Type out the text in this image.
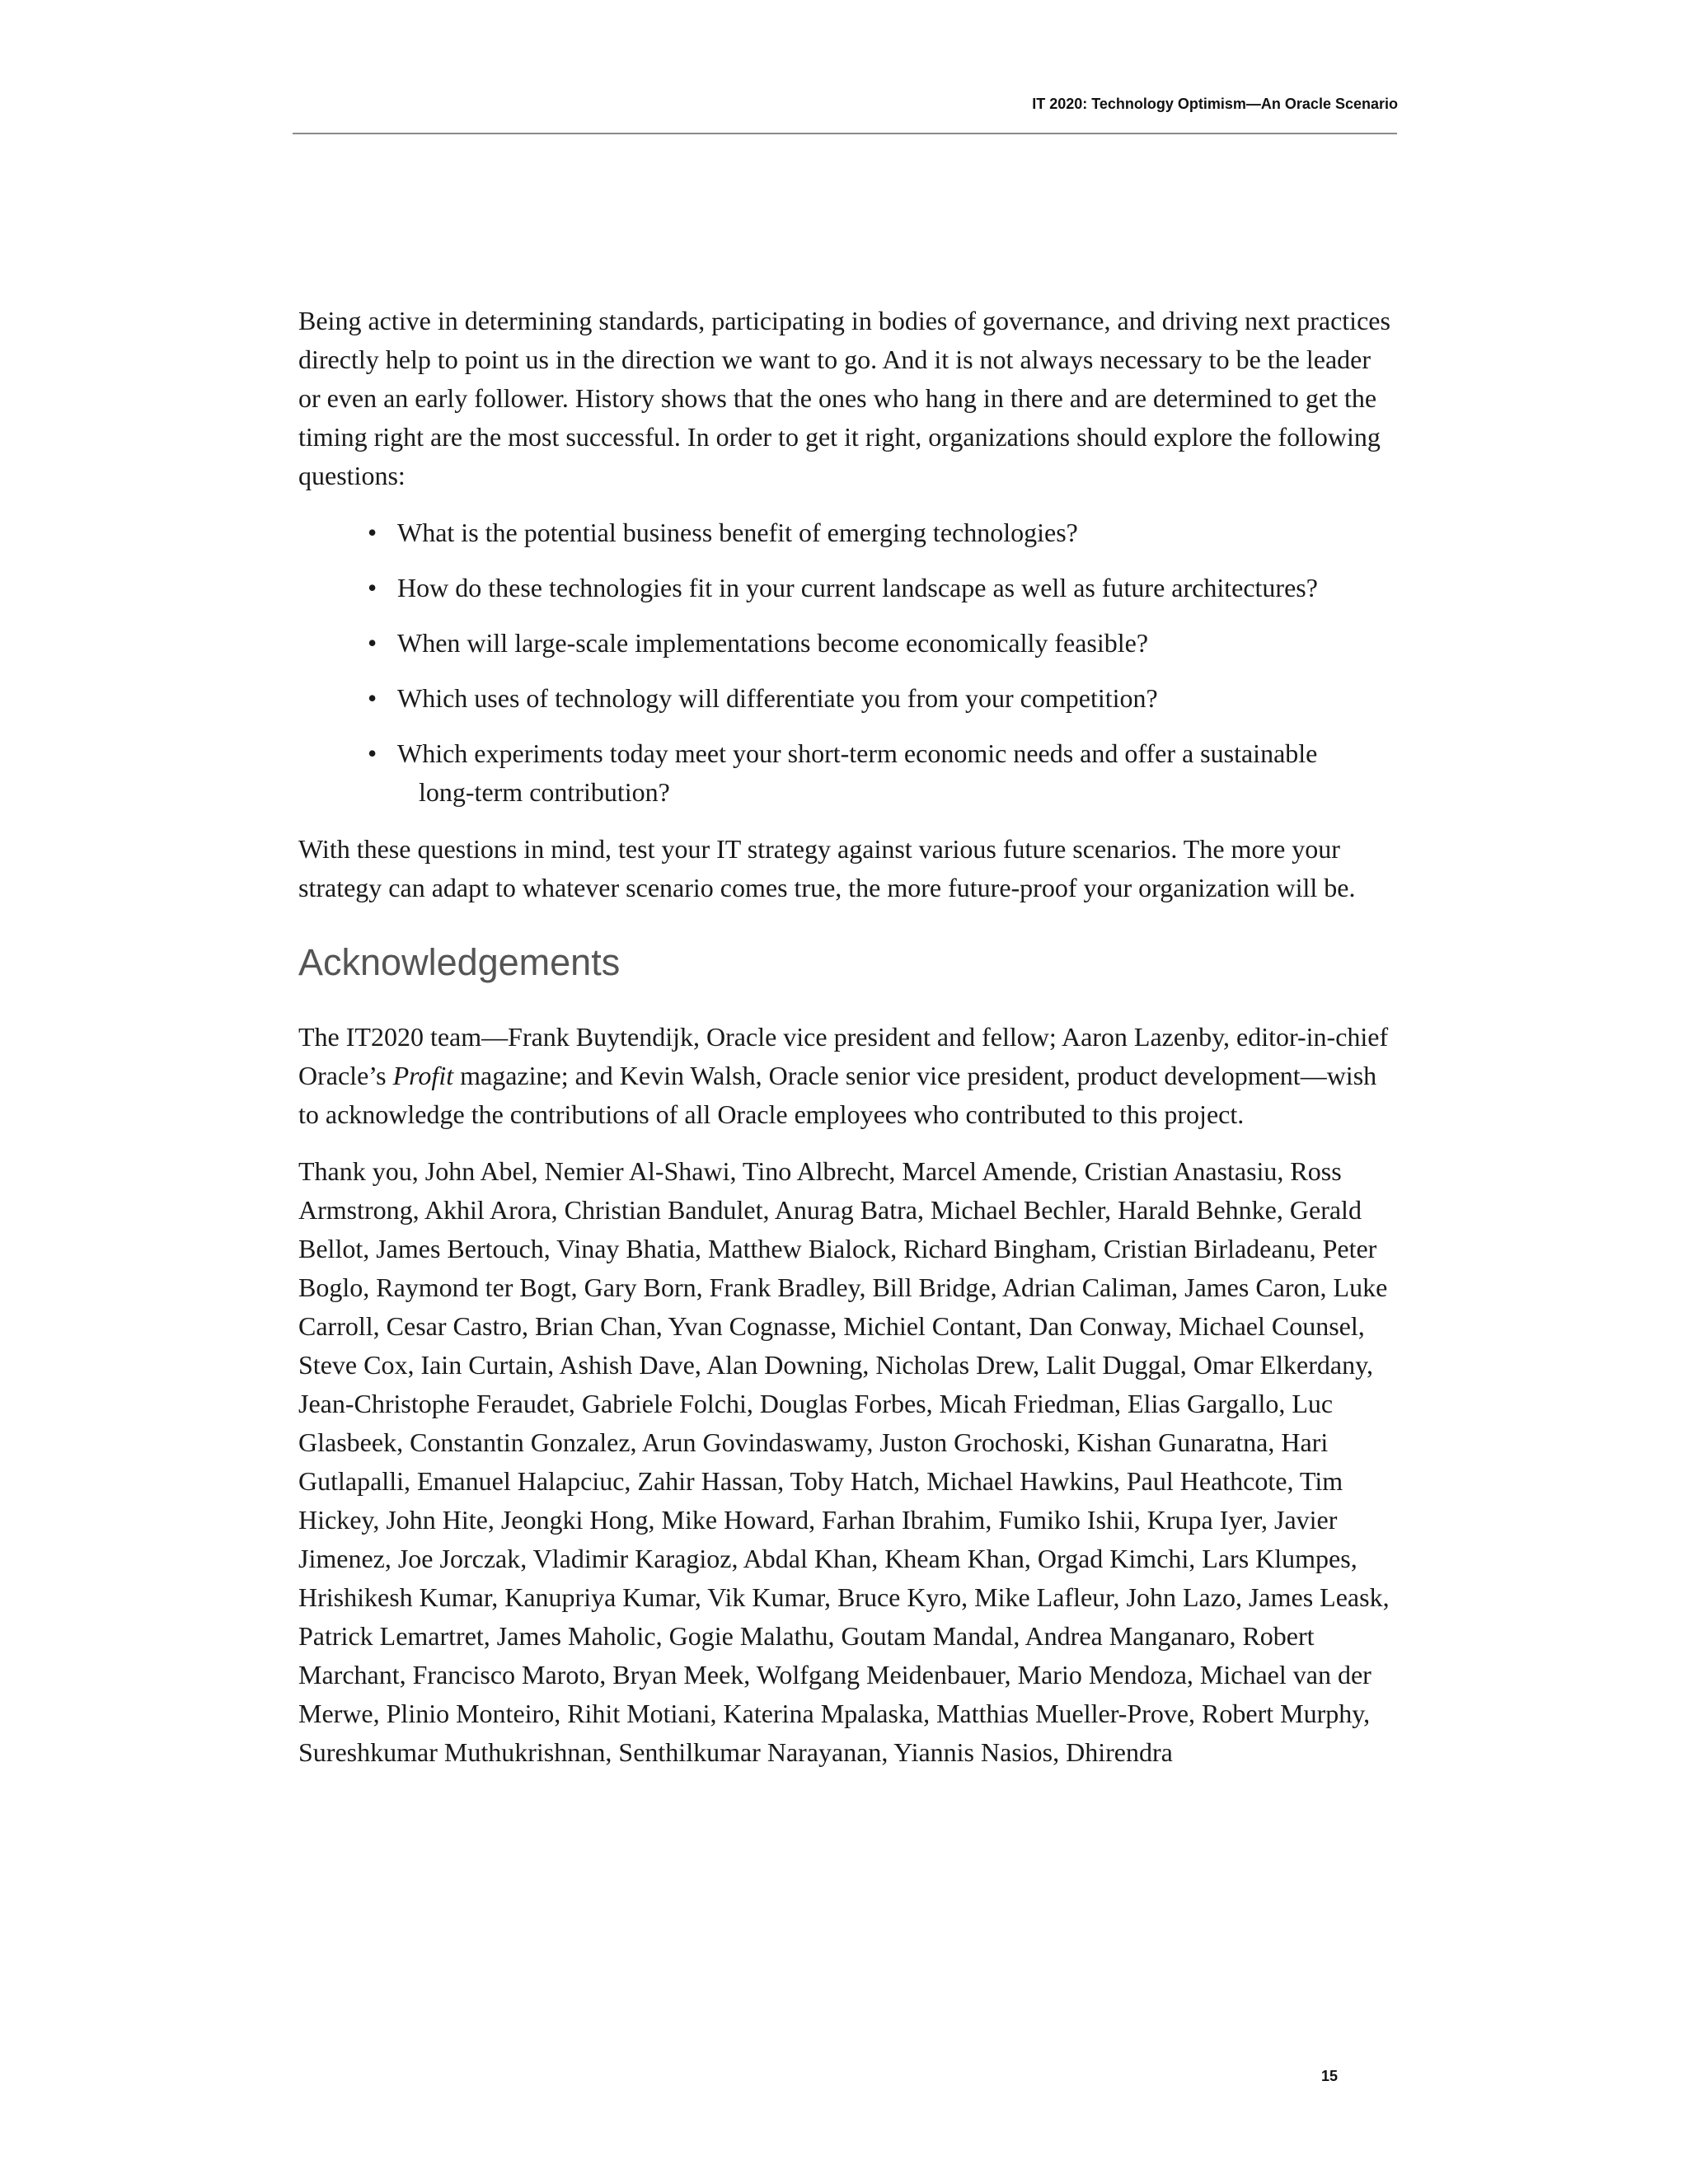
IT 2020: Technology Optimism—An Oracle Scenario

Being active in determining standards, participating in bodies of governance, and driving next practices directly help to point us in the direction we want to go. And it is not always necessary to be the leader or even an early follower. History shows that the ones who hang in there and are determined to get the timing right are the most successful. In order to get it right, organizations should explore the following questions:

• What is the potential business benefit of emerging technologies?
• How do these technologies fit in your current landscape as well as future architectures?
• When will large-scale implementations become economically feasible?
• Which uses of technology will differentiate you from your competition?
• Which experiments today meet your short-term economic needs and offer a sustainable
long-term contribution?

With these questions in mind, test your IT strategy against various future scenarios. The more your strategy can adapt to whatever scenario comes true, the more future-proof your organization will be.

Acknowledgements

The IT2020 team—Frank Buytendijk, Oracle vice president and fellow; Aaron Lazenby, editor-in-chief Oracle’s Profit magazine; and Kevin Walsh, Oracle senior vice president, product development—wish to acknowledge the contributions of all Oracle employees who contributed to this project.

Thank you, John Abel, Nemier Al-Shawi, Tino Albrecht, Marcel Amende, Cristian Anastasiu, Ross Armstrong, Akhil Arora, Christian Bandulet, Anurag Batra, Michael Bechler, Harald Behnke, Gerald Bellot, James Bertouch, Vinay Bhatia, Matthew Bialock, Richard Bingham, Cristian Birladeanu, Peter Boglo, Raymond ter Bogt, Gary Born, Frank Bradley, Bill Bridge, Adrian Caliman, James Caron, Luke Carroll, Cesar Castro, Brian Chan, Yvan Cognasse, Michiel Contant, Dan Conway, Michael Counsel, Steve Cox, Iain Curtain, Ashish Dave, Alan Downing, Nicholas Drew, Lalit Duggal, Omar Elkerdany, Jean-Christophe Feraudet, Gabriele Folchi, Douglas Forbes, Micah Friedman, Elias Gargallo, Luc Glasbeek, Constantin Gonzalez, Arun Govindaswamy, Juston Grochoski, Kishan Gunaratna, Hari Gutlapalli, Emanuel Halapciuc, Zahir Hassan, Toby Hatch, Michael Hawkins, Paul Heathcote, Tim Hickey, John Hite, Jeongki Hong, Mike Howard, Farhan Ibrahim, Fumiko Ishii, Krupa Iyer, Javier Jimenez, Joe Jorczak, Vladimir Karagioz, Abdal Khan, Kheam Khan, Orgad Kimchi, Lars Klumpes, Hrishikesh Kumar, Kanupriya Kumar, Vik Kumar, Bruce Kyro, Mike Lafleur, John Lazo, James Leask, Patrick Lemartret, James Maholic, Gogie Malathu, Goutam Mandal, Andrea Manganaro, Robert Marchant, Francisco Maroto, Bryan Meek, Wolfgang Meidenbauer, Mario Mendoza, Michael van der Merwe, Plinio Monteiro, Rihit Motiani, Katerina Mpalaska, Matthias Mueller-Prove, Robert Murphy, Sureshkumar Muthukrishnan, Senthilkumar Narayanan, Yiannis Nasios, Dhirendra

15
